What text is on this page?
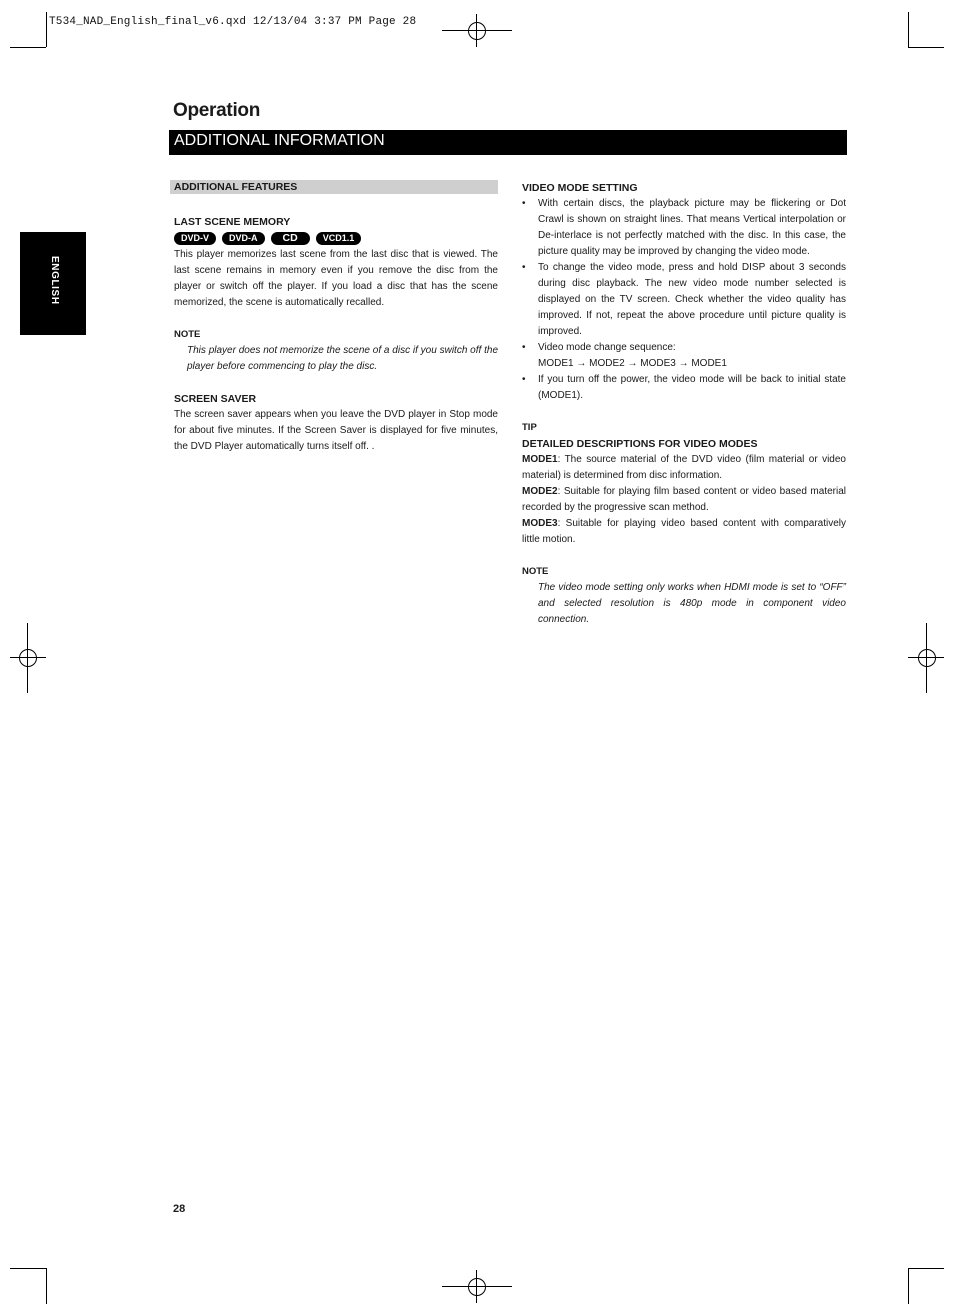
T534_NAD_English_final_v6.qxd 12/13/04 3:37 PM Page 28
Operation
ADDITIONAL INFORMATION
ENGLISH
ADDITIONAL FEATURES
LAST SCENE MEMORY
DVD-V	DVD-A	CD	VCD1.1

This player memorizes last scene from the last disc that is viewed. The last scene remains in memory even if you remove the disc from the player or switch off the player. If you load a disc that has the scene memorized, the scene is automatically recalled.

NOTE
This player does not memorize the scene of a disc if you switch off the player before commencing to play the disc.
SCREEN SAVER

The screen saver appears when you leave the DVD player in Stop mode for about five minutes. If the Screen Saver is displayed for five minutes, the DVD Player automatically turns itself off. .

VIDEO MODE SETTING
• With certain discs, the playback picture may be flickering or Dot Crawl is shown on straight lines. That means Vertical interpolation or De-interlace is not perfectly matched with the disc. In this case, the picture quality may be improved by changing the video mode.
• To change the video mode, press and hold DISP about 3 seconds during disc playback. The new video mode number selected is displayed on the TV screen. Check whether the video quality has improved. If not, repeat the above procedure until picture quality is improved.
• Video mode change sequence:
MODE1 → MODE2 → MODE3 → MODE1
• If you turn off the power, the video mode will be back to initial state (MODE1).
TIP
DETAILED DESCRIPTIONS FOR VIDEO MODES

MODE1: The source material of the DVD video (film material or video material) is determined from disc information.

MODE2: Suitable for playing film based content or video based material recorded by the progressive scan method.

MODE3: Suitable for playing video based content with comparatively little motion.

NOTE
The video mode setting only works when HDMI mode is set to “OFF” and selected resolution is 480p mode in component video connection.
28
